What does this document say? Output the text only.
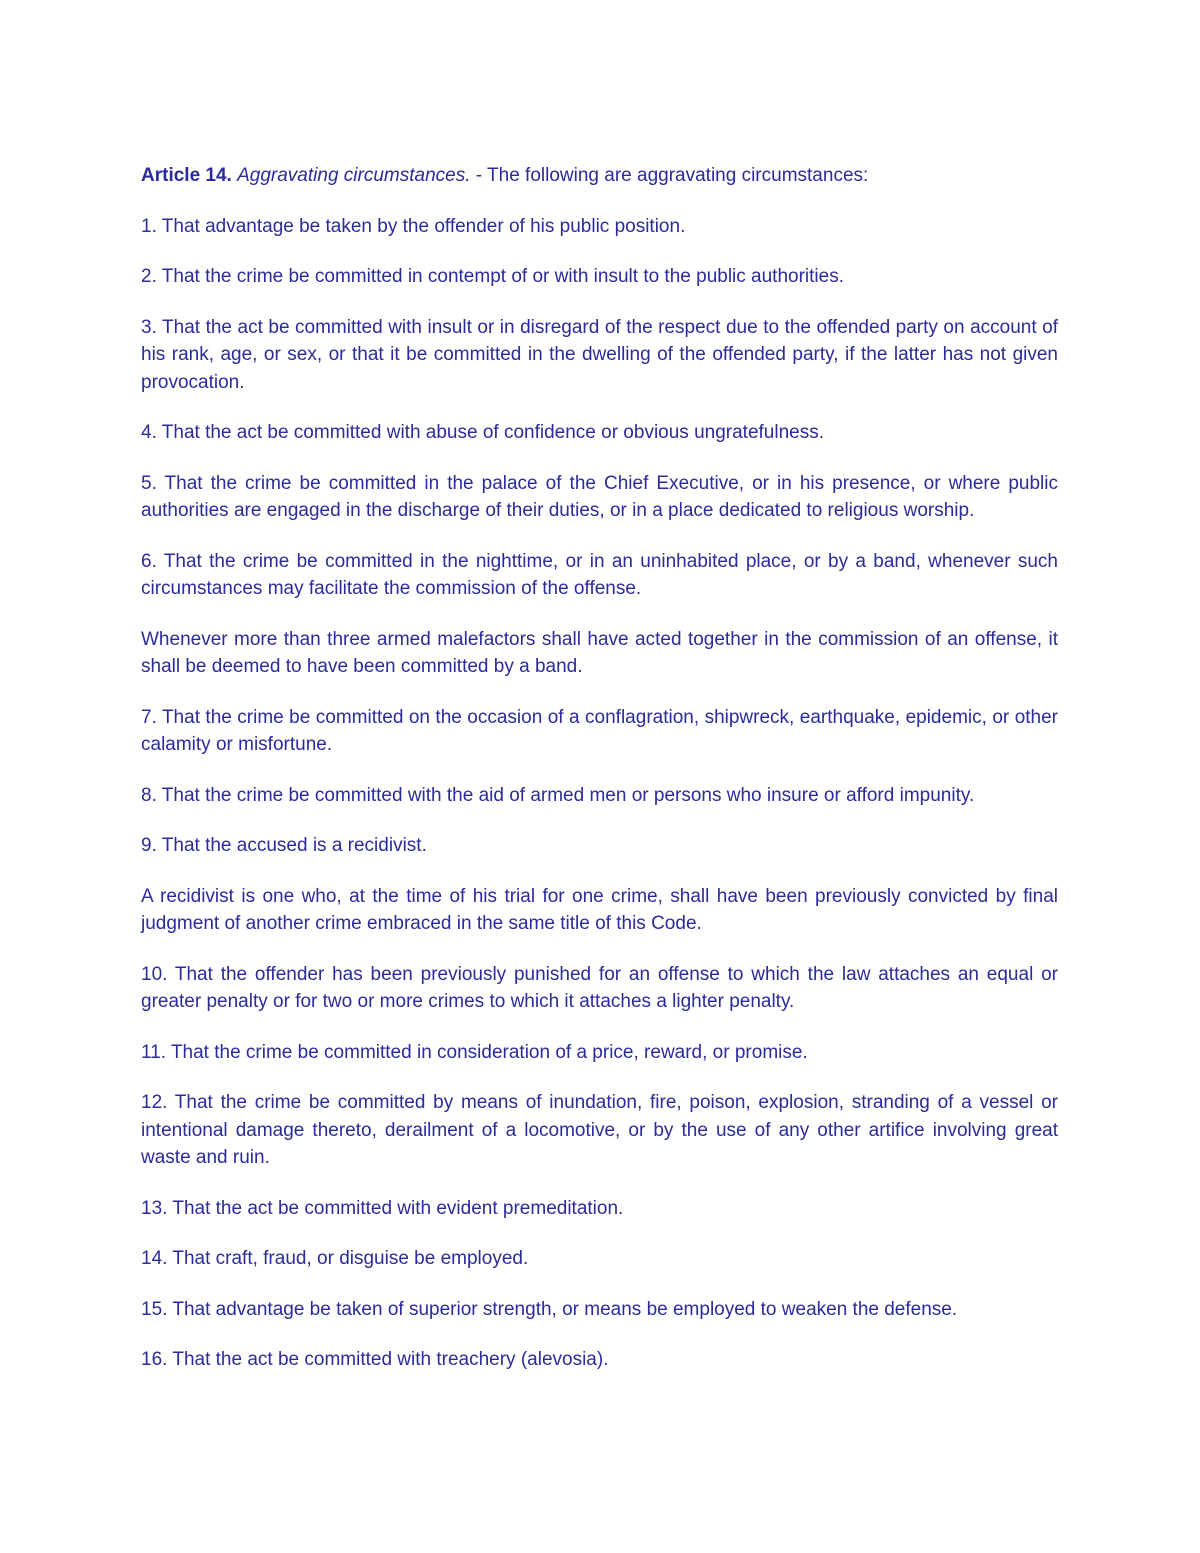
Article 14. Aggravating circumstances. - The following are aggravating circumstances:

1. That advantage be taken by the offender of his public position.

2. That the crime be committed in contempt of or with insult to the public authorities.

3. That the act be committed with insult or in disregard of the respect due to the offended party on account of his rank, age, or sex, or that it be committed in the dwelling of the offended party, if the latter has not given provocation.

4. That the act be committed with abuse of confidence or obvious ungratefulness.

5. That the crime be committed in the palace of the Chief Executive, or in his presence, or where public authorities are engaged in the discharge of their duties, or in a place dedicated to religious worship.

6. That the crime be committed in the nighttime, or in an uninhabited place, or by a band, whenever such circumstances may facilitate the commission of the offense.

Whenever more than three armed malefactors shall have acted together in the commission of an offense, it shall be deemed to have been committed by a band.

7. That the crime be committed on the occasion of a conflagration, shipwreck, earthquake, epidemic, or other calamity or misfortune.

8. That the crime be committed with the aid of armed men or persons who insure or afford impunity.

9. That the accused is a recidivist.

A recidivist is one who, at the time of his trial for one crime, shall have been previously convicted by final judgment of another crime embraced in the same title of this Code.

10. That the offender has been previously punished for an offense to which the law attaches an equal or greater penalty or for two or more crimes to which it attaches a lighter penalty.

11. That the crime be committed in consideration of a price, reward, or promise.

12. That the crime be committed by means of inundation, fire, poison, explosion, stranding of a vessel or intentional damage thereto, derailment of a locomotive, or by the use of any other artifice involving great waste and ruin.

13. That the act be committed with evident premeditation.

14. That craft, fraud, or disguise be employed.

15. That advantage be taken of superior strength, or means be employed to weaken the defense.

16. That the act be committed with treachery (alevosia).
